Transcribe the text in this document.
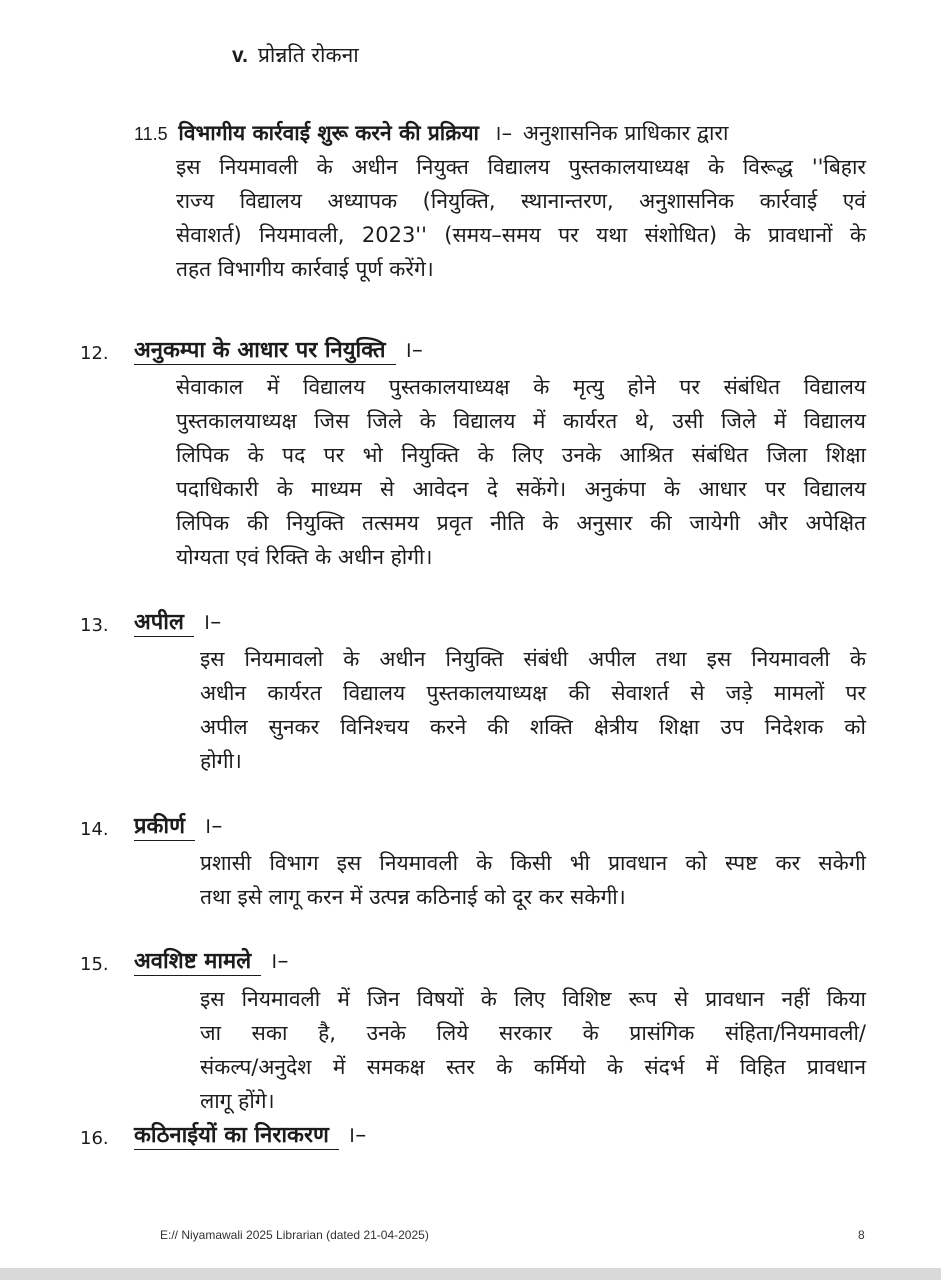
v. प्रोन्नति रोकना
11.5 विभागीय कार्रवाई शुरू करने की प्रक्रिया ।– अनुशासनिक प्राधिकार द्वारा
इस नियमावली के अधीन नियुक्त विद्यालय पुस्तकालयाध्यक्ष के विरूद्ध ''बिहार
राज्य विद्यालय अध्यापक (नियुक्ति, स्थानान्तरण, अनुशासनिक कार्रवाई एवं
सेवाशर्त) नियमावली, 2023'' (समय–समय पर यथा संशोधित) के प्रावधानों के
तहत विभागीय कार्रवाई पूर्ण करेंगे।
12. अनुकम्पा के आधार पर नियुक्ति ।–
सेवाकाल में विद्यालय पुस्तकालयाध्यक्ष के मृत्यु होने पर संबंधित विद्यालय
पुस्तकालयाध्यक्ष जिस जिले के विद्यालय में कार्यरत थे, उसी जिले में विद्यालय
लिपिक के पद पर भो नियुक्ति के लिए उनके आश्रित संबंधित जिला शिक्षा
पदाधिकारी के माध्यम से आवेदन दे सकेंगे। अनुकंपा के आधार पर विद्यालय
लिपिक की नियुक्ति तत्समय प्रवृत नीति के अनुसार की जायेगी और अपेक्षित
योग्यता एवं रिक्ति के अधीन होगी।
13. अपील ।–
इस नियमावलो के अधीन नियुक्ति संबंधी अपील तथा इस नियमावली के
अधीन कार्यरत विद्यालय पुस्तकालयाध्यक्ष की सेवाशर्त से जड़े मामलों पर
अपील सुनकर विनिश्चय करने की शक्ति क्षेत्रीय शिक्षा उप निदेशक को
होगी।
14. प्रकीर्ण ।–
प्रशासी विभाग इस नियमावली के किसी भी प्रावधान को स्पष्ट कर सकेगी
तथा इसे लागू करन में उत्पन्न कठिनाई को दूर कर सकेगी।
15. अवशिष्ट मामले ।–
इस नियमावली में जिन विषयों के लिए विशिष्ट रूप से प्रावधान नहीं किया
जा सका है, उनके लिये सरकार के प्रासंगिक संहिता/नियमावली/
संकल्प/अनुदेश में समकक्ष स्तर के कर्मियो के संदर्भ में विहित प्रावधान
लागू होंगे।
16. कठिनाईयों का निराकरण ।–
E:// Niyamawali 2025 Librarian (dated 21-04-2025)	8
